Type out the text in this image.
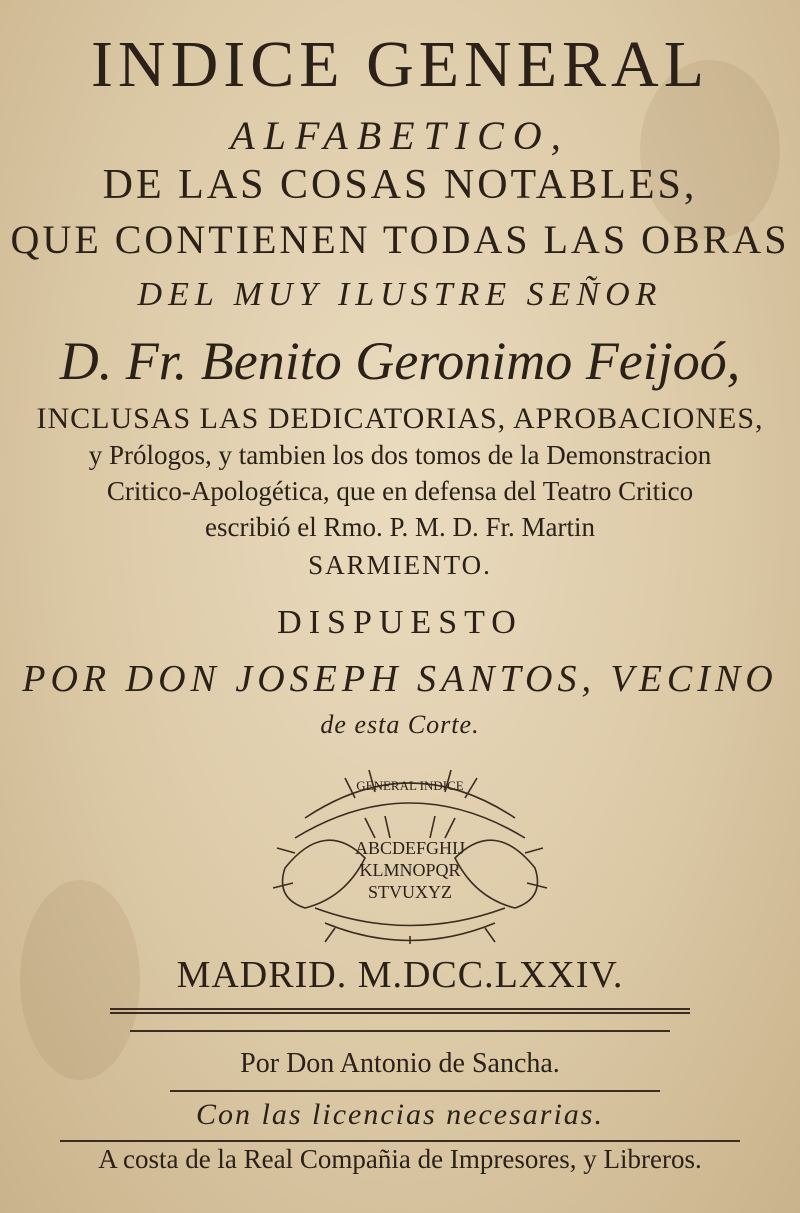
INDICE GENERAL
ALFABETICO,
DE LAS COSAS NOTABLES,
QUE CONTIENEN TODAS LAS OBRAS
DEL MUY ILUSTRE SEÑOR
D. Fr. Benito Geronimo Feijoó,
INCLUSAS LAS DEDICATORIAS, APROBACIONES,
y Prólogos, y tambien los dos tomos de la Demonstracion
Critico-Apologética, que en defensa del Teatro Critico
escribió el Rmo. P. M. D. Fr. Martin
SARMIENTO.
DISPUESTO
POR DON JOSEPH SANTOS, VECINO
de esta Corte.
GENERAL INDICE
ABCDEFGHIJ
KLMNOPQR
STVUXYZ
MADRID. M.DCC.LXXIV.
Por Don Antonio de Sancha.
Con las licencias necesarias.
A costa de la Real Compañia de Impresores, y Libreros.
